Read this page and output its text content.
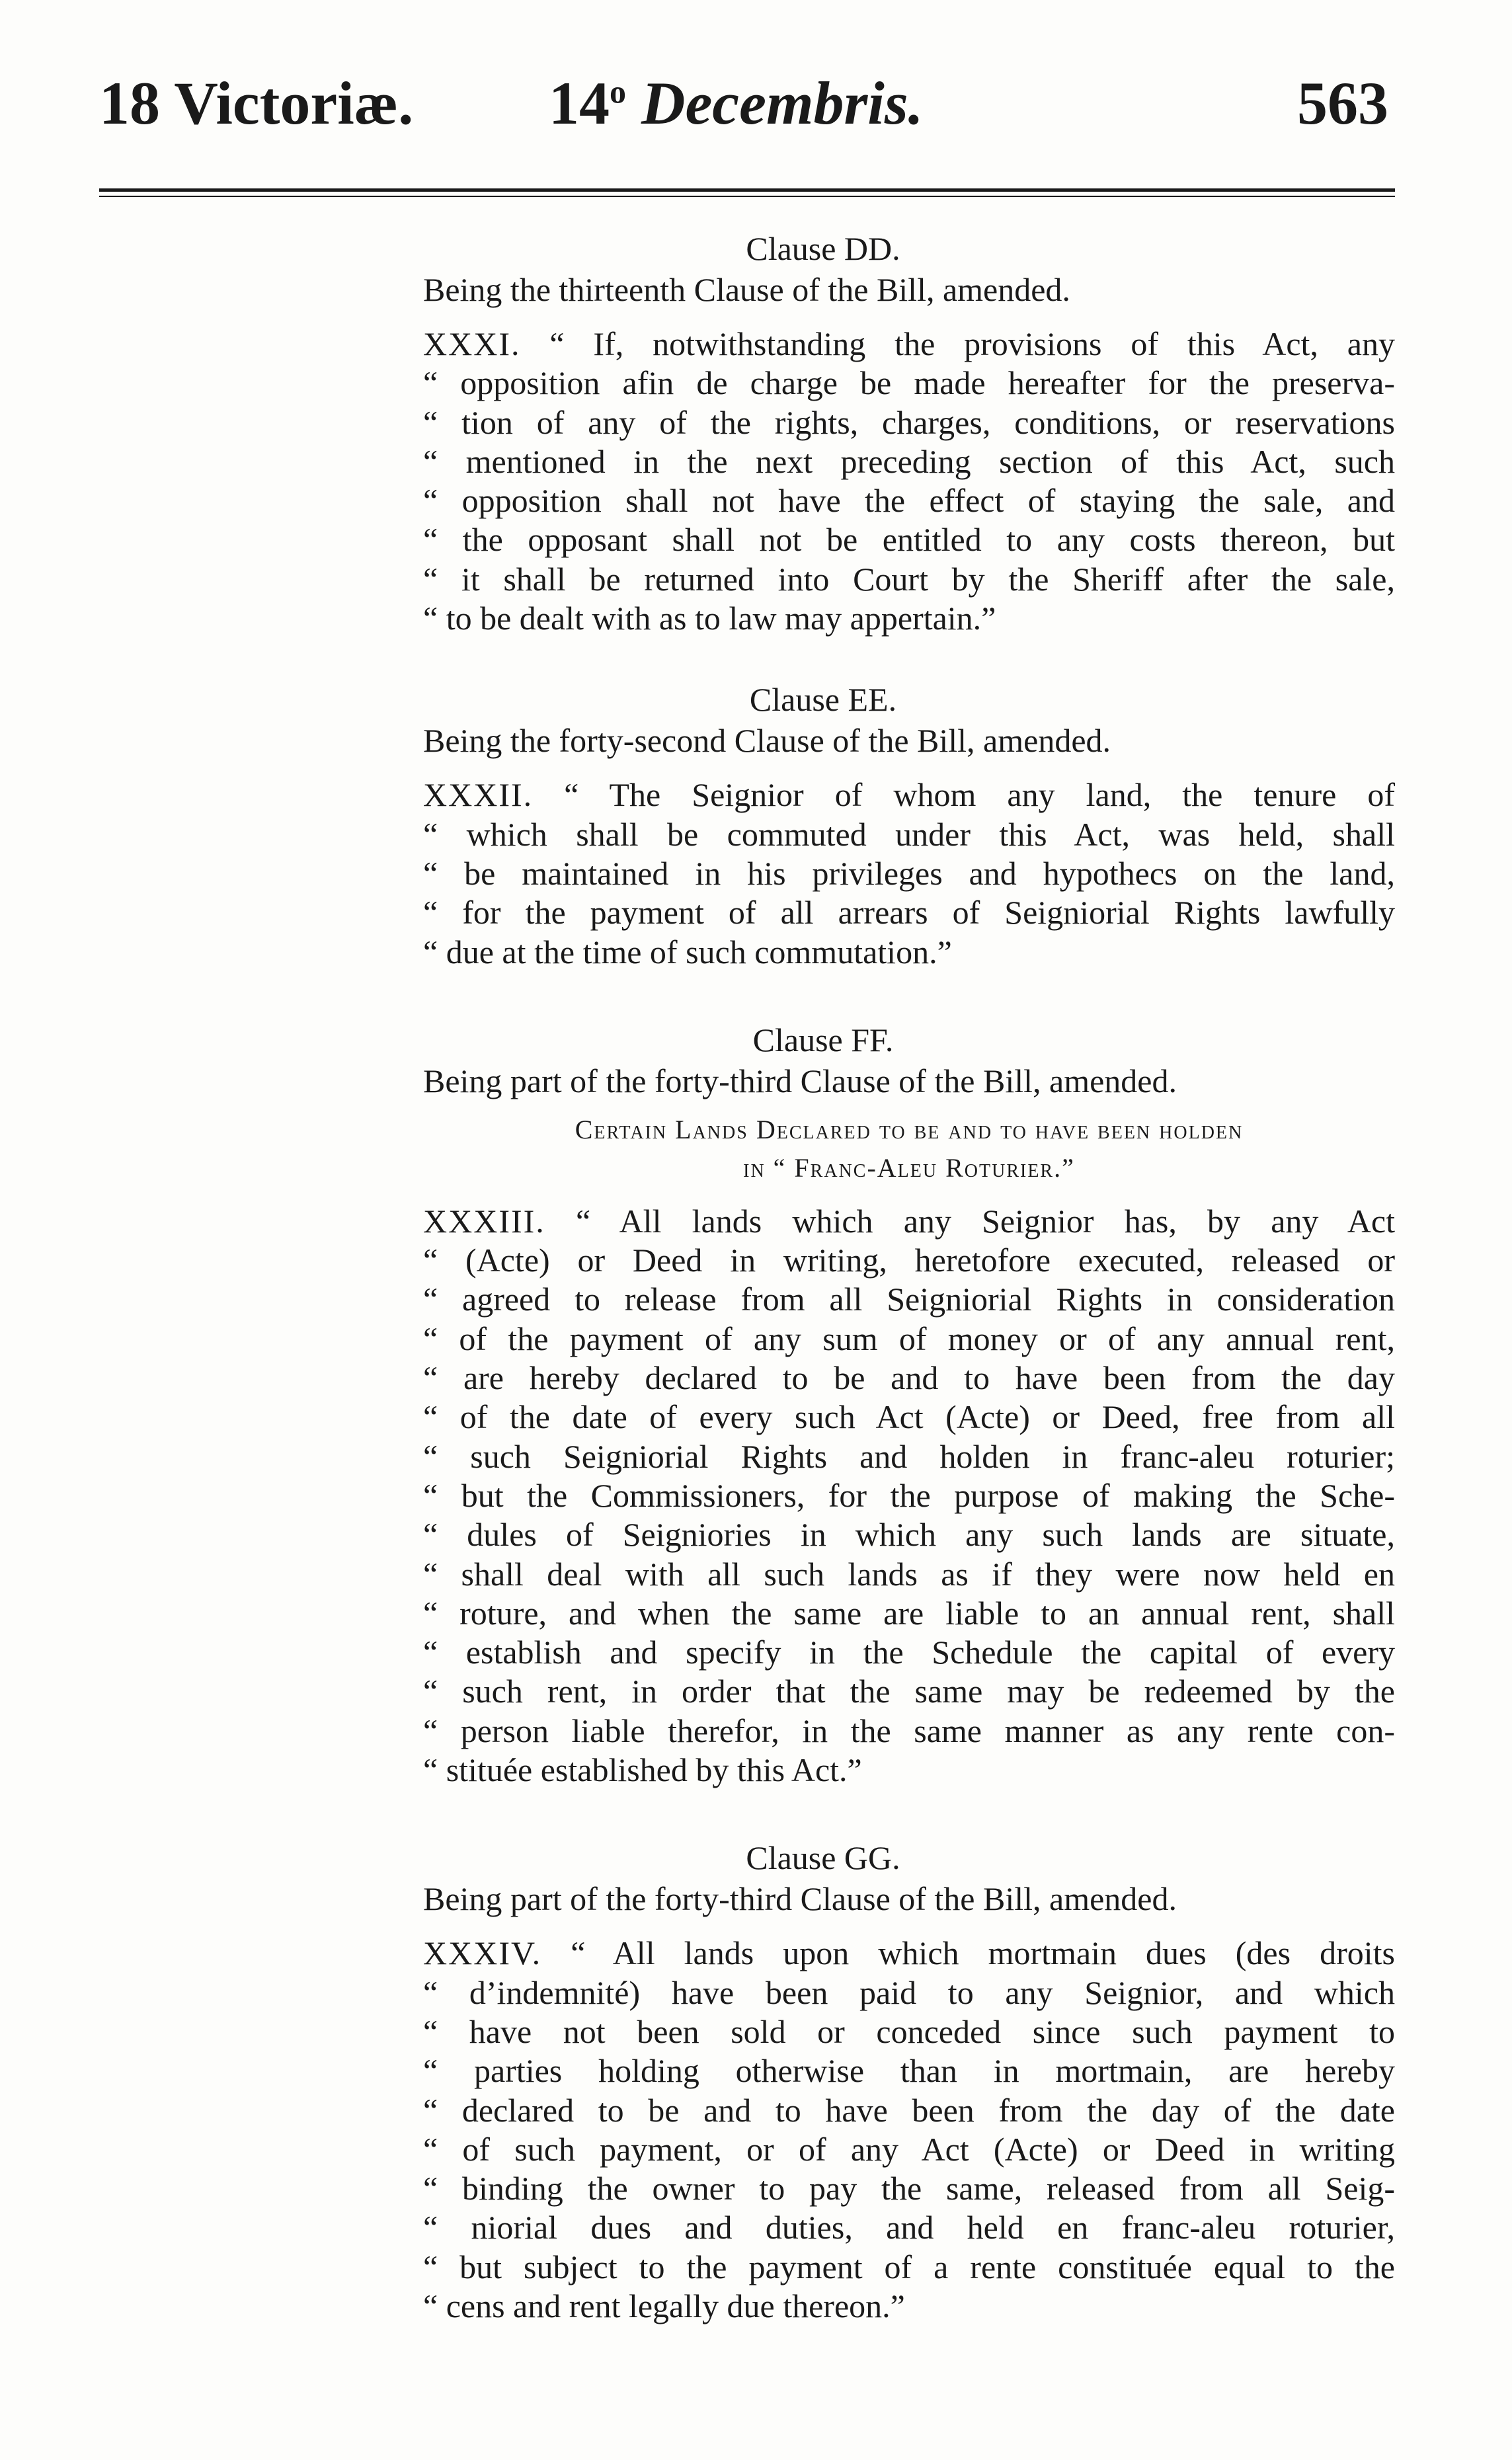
18 Victoriæ. 14$^o$ Decembris.	563
Clause DD.
Being the thirteenth Clause of the Bill, amended.
XXXI. “ If, notwithstanding the provisions of this Act, any
“ opposition afin de charge be made hereafter for the preserva-
“ tion of any of the rights, charges, conditions, or reservations
“ mentioned in the next preceding section of this Act, such
“ opposition shall not have the effect of staying the sale, and
“ the opposant shall not be entitled to any costs thereon, but
“ it shall be returned into Court by the Sheriff after the sale,
“ to be dealt with as to law may appertain.”
Clause EE.
Being the forty-second Clause of the Bill, amended.
XXXII. “ The Seignior of whom any land, the tenure of
“ which shall be commuted under this Act, was held, shall
“ be maintained in his privileges and hypothecs on the land,
“ for the payment of all arrears of Seigniorial Rights lawfully
“ due at the time of such commutation.”
Clause FF.
Being part of the forty-third Clause of the Bill, amended.
Certain Lands Declared to be and to have been holden
in “ Franc-Aleu Roturier.”
XXXIII. “ All lands which any Seignior has, by any Act
“ (Acte) or Deed in writing, heretofore executed, released or
“ agreed to release from all Seigniorial Rights in consideration
“ of the payment of any sum of money or of any annual rent,
“ are hereby declared to be and to have been from the day
“ of the date of every such Act (Acte) or Deed, free from all
“ such Seigniorial Rights and holden in franc-aleu roturier;
“ but the Commissioners, for the purpose of making the Sche-
“ dules of Seigniories in which any such lands are situate,
“ shall deal with all such lands as if they were now held en
“ roture, and when the same are liable to an annual rent, shall
“ establish and specify in the Schedule the capital of every
“ such rent, in order that the same may be redeemed by the
“ person liable therefor, in the same manner as any rente con-
“ stituée established by this Act.”
Clause GG.
Being part of the forty-third Clause of the Bill, amended.
XXXIV. “ All lands upon which mortmain dues (des droits
“ d’indemnité) have been paid to any Seignior, and which
“ have not been sold or conceded since such payment to
“ parties holding otherwise than in mortmain, are hereby
“ declared to be and to have been from the day of the date
“ of such payment, or of any Act (Acte) or Deed in writing
“ binding the owner to pay the same, released from all Seig-
“ niorial dues and duties, and held en franc-aleu roturier,
“ but subject to the payment of a rente constituée equal to the
“ cens and rent legally due thereon.”
